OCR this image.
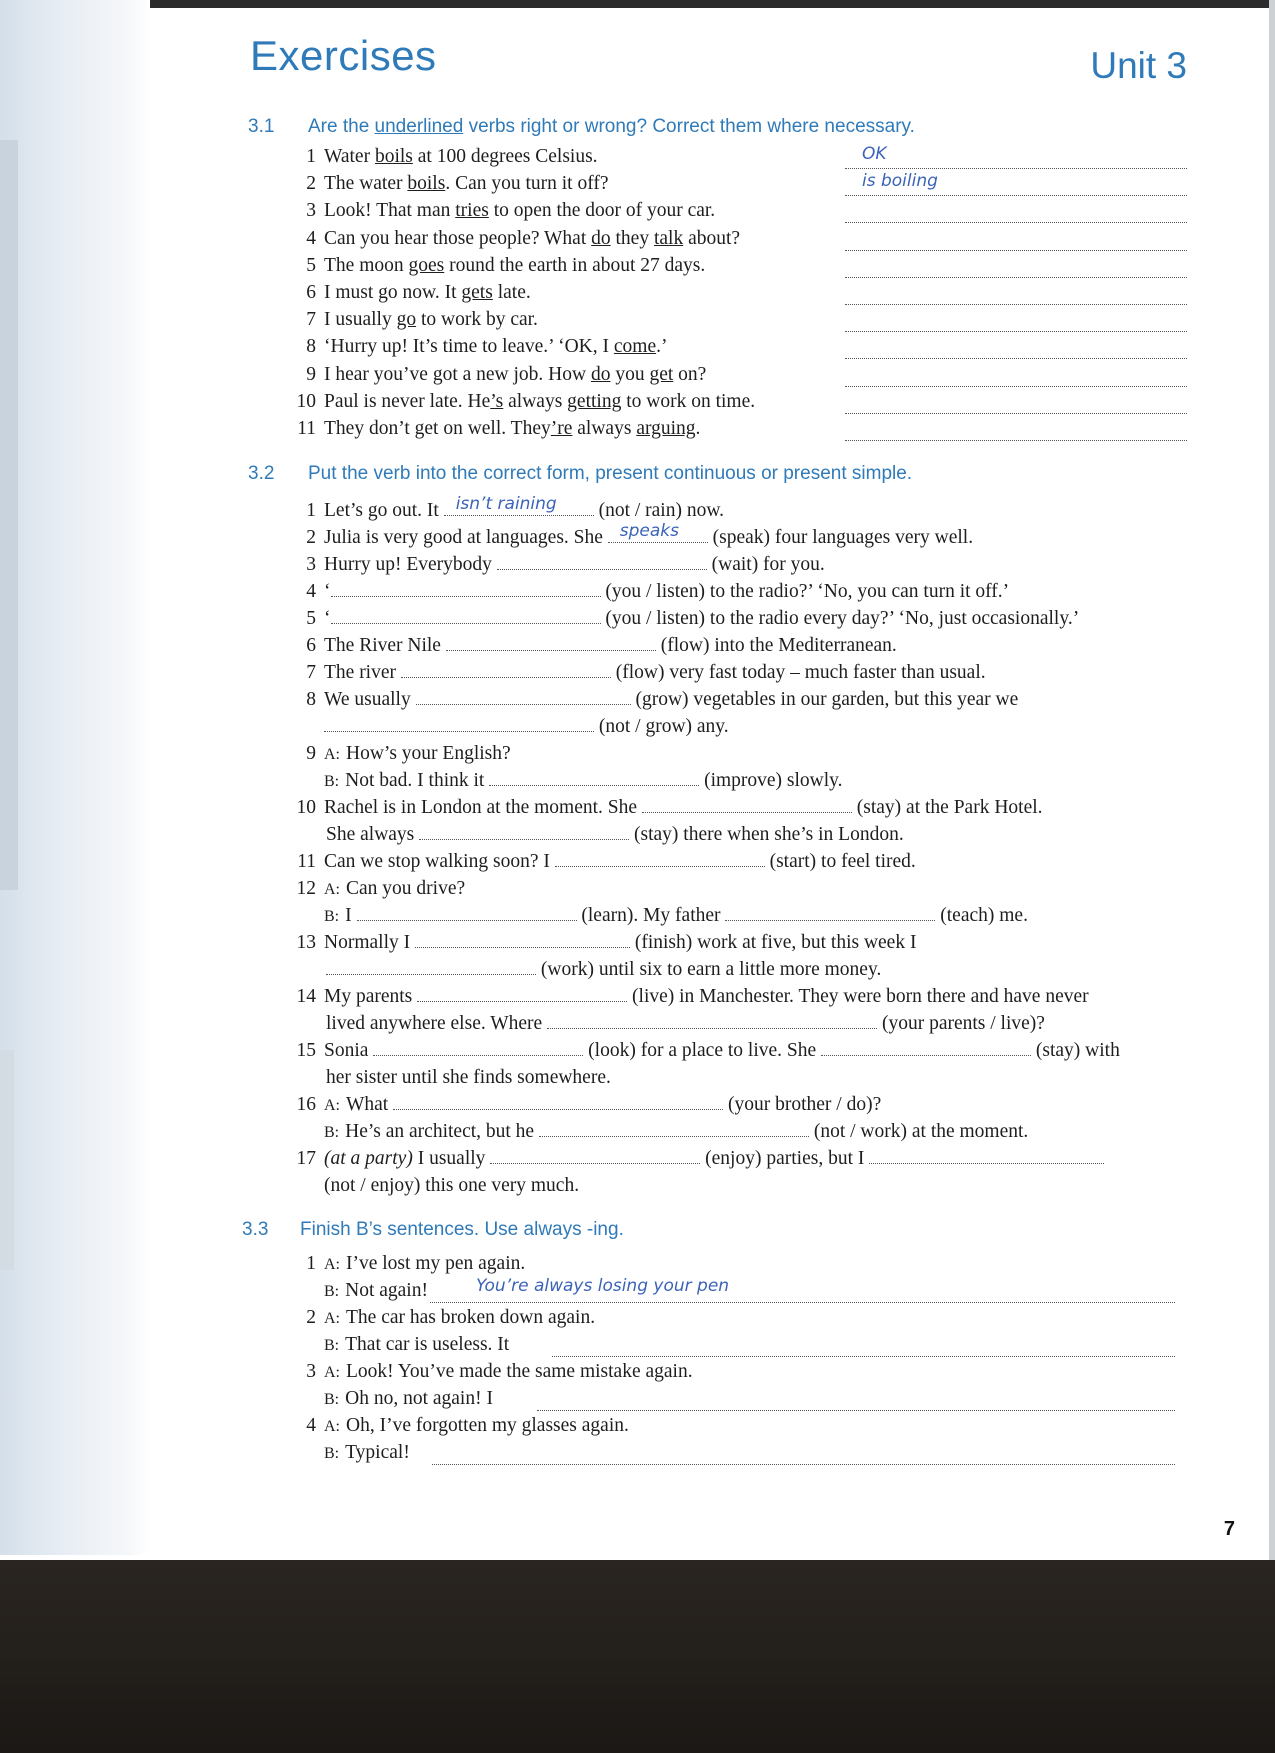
Exercises	Unit 3
3.1 Are the underlined verbs right or wrong? Correct them where necessary.
1 Water boils at 100 degrees Celsius.	OK
2 The water boils. Can you turn it off?	is boiling
3 Look! That man tries to open the door of your car.
4 Can you hear those people? What do they talk about?
5 The moon goes round the earth in about 27 days.
6 I must go now. It gets late.
7 I usually go to work by car.
8 ‘Hurry up! It’s time to leave.’ ‘OK, I come.’
9 I hear you’ve got a new job. How do you get on?
10 Paul is never late. He’s always getting to work on time.
11 They don’t get on well. They’re always arguing.
3.2 Put the verb into the correct form, present continuous or present simple.
1 Let’s go out. It isn’t raining (not / rain) now.
2 Julia is very good at languages. She speaks (speak) four languages very well.
3 Hurry up! Everybody	(wait) for you.
4 ‘	(you / listen) to the radio?’ ‘No, you can turn it off.’
5 ‘	(you / listen) to the radio every day?’ ‘No, just occasionally.’
6 The River Nile	(flow) into the Mediterranean.
7 The river	(flow) very fast today – much faster than usual.
8 We usually	(grow) vegetables in our garden, but this year we
(not / grow) any.
9 A: How’s your English?
B: Not bad. I think it	(improve) slowly.
10 Rachel is in London at the moment. She	(stay) at the Park Hotel.
She always	(stay) there when she’s in London.
11 Can we stop walking soon? I	(start) to feel tired.
12 A: Can you drive?
B: I	(learn). My father	(teach) me.
13 Normally I	(finish) work at five, but this week I
(work) until six to earn a little more money.
14 My parents	(live) in Manchester. They were born there and have never
lived anywhere else. Where	(your parents / live)?
15 Sonia	(look) for a place to live. She	(stay) with
her sister until she finds somewhere.
16 A: What	(your brother / do)?
B: He’s an architect, but he	(not / work) at the moment.
17 (at a party) I usually	(enjoy) parties, but I
(not / enjoy) this one very much.
3.3 Finish B’s sentences. Use always -ing.
1 A: I’ve lost my pen again.
B: Not again!	You’re always losing your pen
2 A: The car has broken down again.
B: That car is useless. It
3 A: Look! You’ve made the same mistake again.
B: Oh no, not again! I
4 A: Oh, I’ve forgotten my glasses again.
B: Typical!
7
